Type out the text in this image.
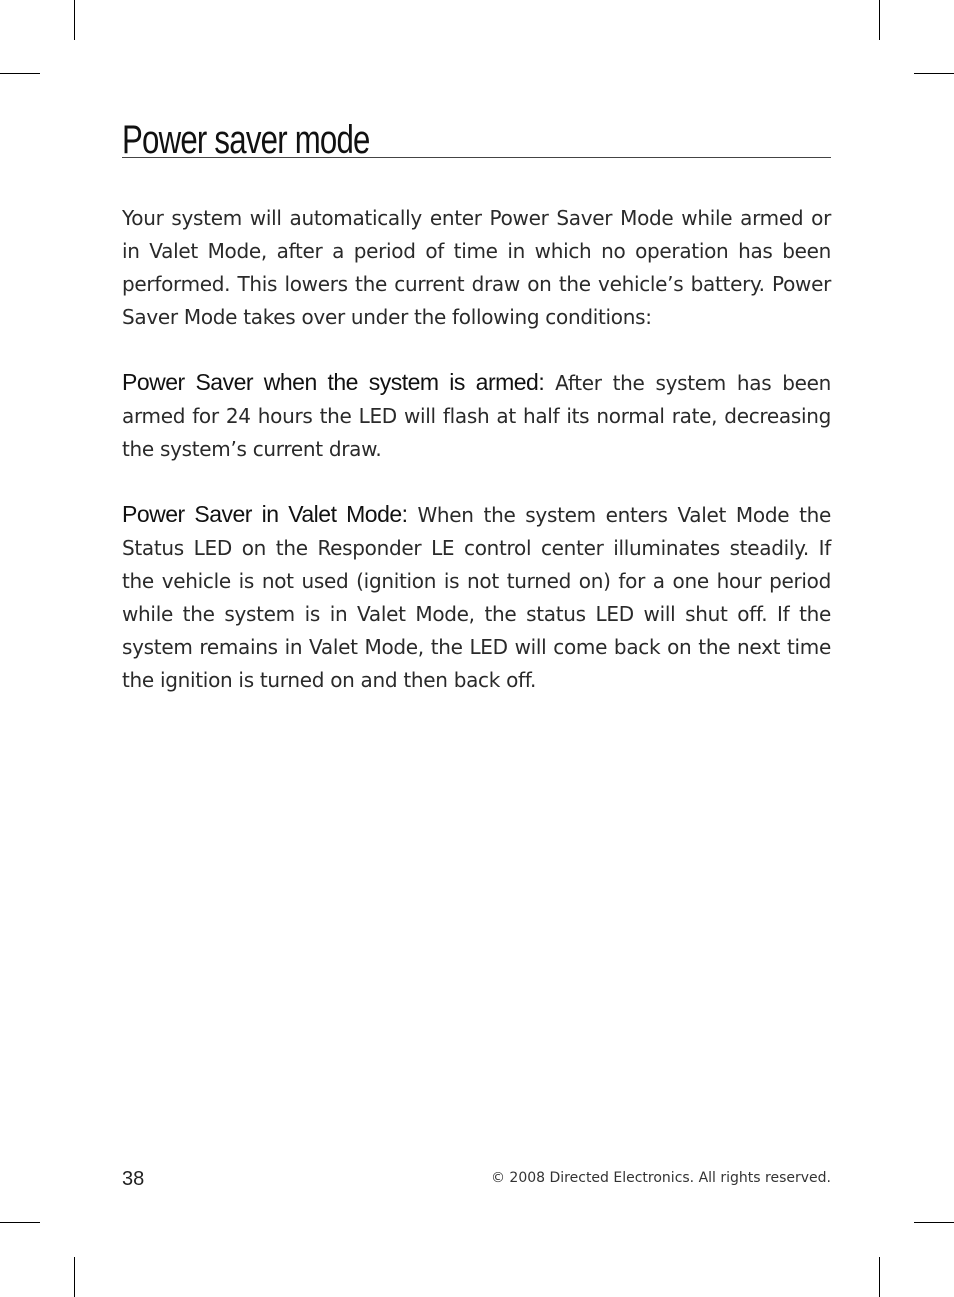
Power saver mode

Your system will automatically enter Power Saver Mode while armed or in Valet Mode, after a period of time in which no operation has been performed. This lowers the current draw on the vehicle’s battery. Power Saver Mode takes over under the following conditions:

Power Saver when the system is armed: After the system has been armed for 24 hours the LED will flash at half its normal rate, decreasing the system’s current draw.

Power Saver in Valet Mode: When the system enters Valet Mode the Status LED on the Responder LE control center illuminates steadily. If the vehicle is not used (ignition is not turned on) for a one hour period while the system is in Valet Mode, the status LED will shut off. If the system remains in Valet Mode, the LED will come back on the next time the ignition is turned on and then back off.

38	© 2008 Directed Electronics. All rights reserved.
